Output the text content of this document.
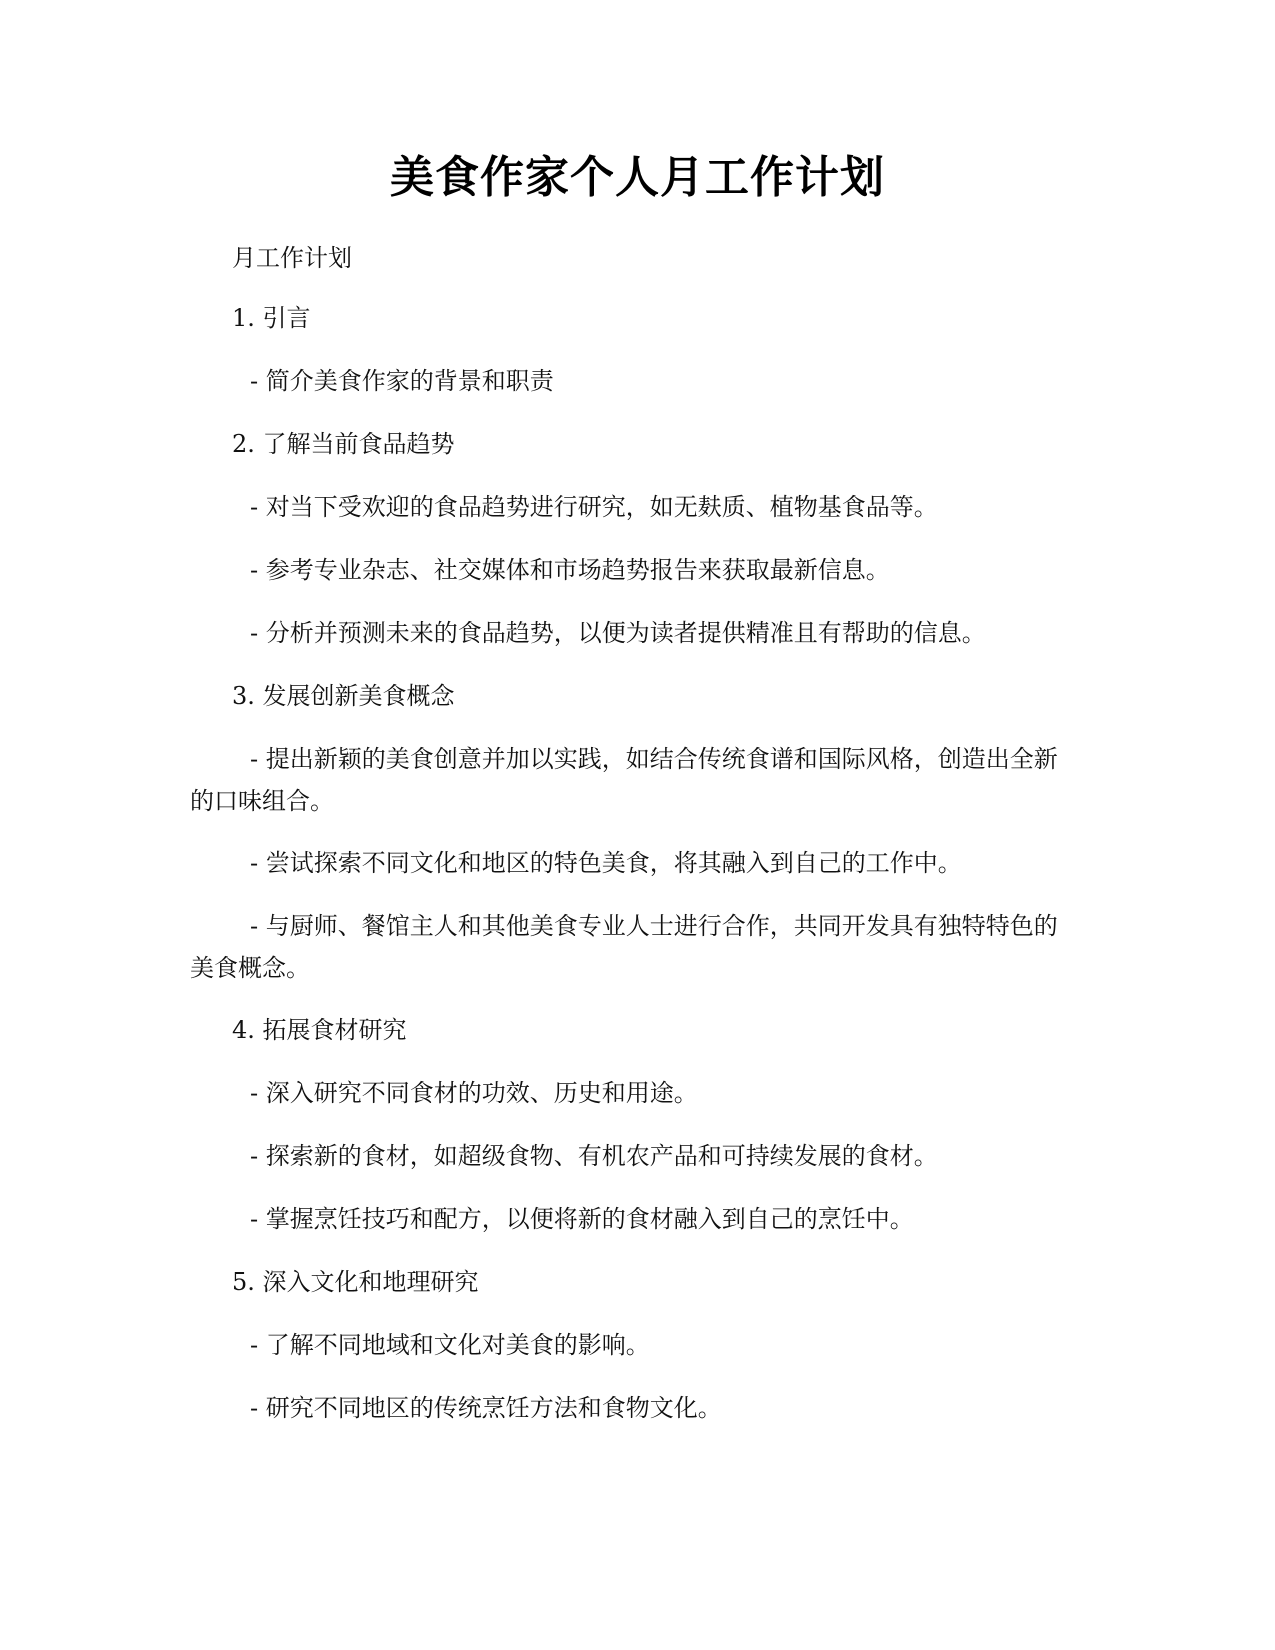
美食作家个人月工作计划
月工作计划
1. 引言
- 简介美食作家的背景和职责
2. 了解当前食品趋势
- 对当下受欢迎的食品趋势进行研究，如无麸质、植物基食品等。
- 参考专业杂志、社交媒体和市场趋势报告来获取最新信息。
- 分析并预测未来的食品趋势，以便为读者提供精准且有帮助的信息。
3. 发展创新美食概念
- 提出新颖的美食创意并加以实践，如结合传统食谱和国际风格，创造出全新的口味组合。
- 尝试探索不同文化和地区的特色美食，将其融入到自己的工作中。
- 与厨师、餐馆主人和其他美食专业人士进行合作，共同开发具有独特特色的美食概念。
4. 拓展食材研究
- 深入研究不同食材的功效、历史和用途。
- 探索新的食材，如超级食物、有机农产品和可持续发展的食材。
- 掌握烹饪技巧和配方，以便将新的食材融入到自己的烹饪中。
5. 深入文化和地理研究
- 了解不同地域和文化对美食的影响。
- 研究不同地区的传统烹饪方法和食物文化。
